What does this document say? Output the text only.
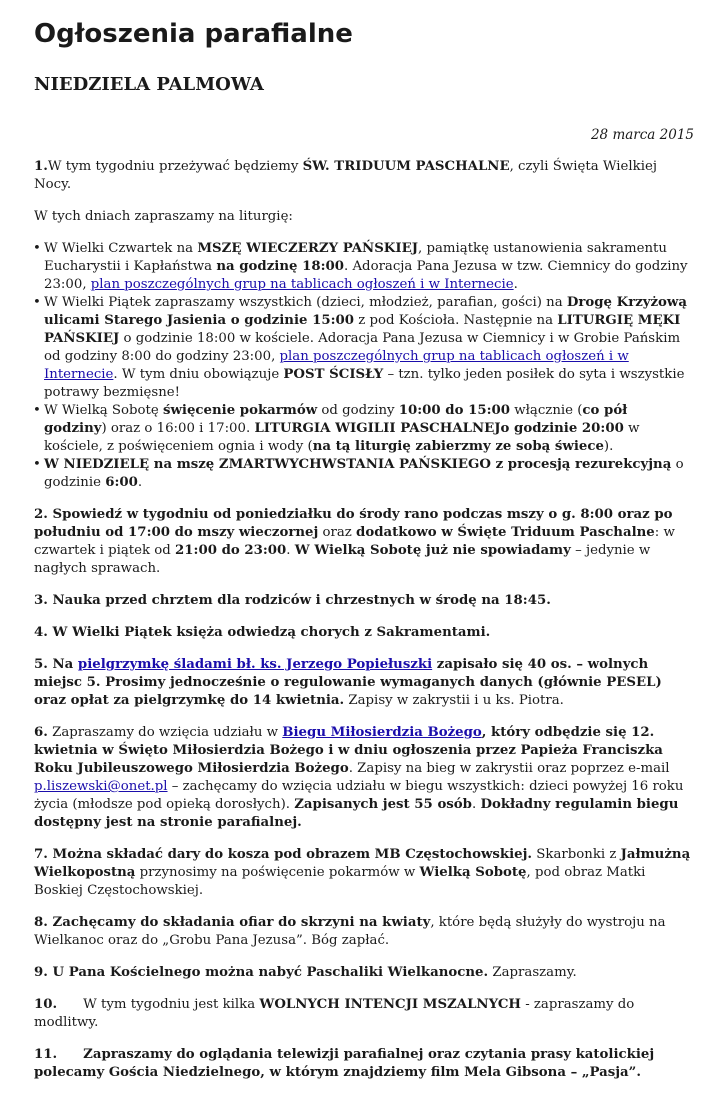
Ogłoszenia parafialne
NIEDZIELA PALMOWA
28 marca 2015

1.W tym tygodniu przeżywać będziemy ŚW. TRIDUUM PASCHALNE, czyli Święta Wielkiej Nocy.

W tych dniach zapraszamy na liturgię:

• W Wielki Czwartek na MSZĘ WIECZERZY PAŃSKIEJ, pamiątkę ustanowienia sakramentu Eucharystii i Kapłaństwa na godzinę 18:00. Adoracja Pana Jezusa w tzw. Ciemnicy do godziny 23:00, plan poszczególnych grup na tablicach ogłoszeń i w Internecie.
• W Wielki Piątek zapraszamy wszystkich (dzieci, młodzież, parafian, gości) na Drogę Krzyżową ulicami Starego Jasienia o godzinie 15:00 z pod Kościoła. Następnie na LITURGIĘ MĘKI PAŃSKIEJ o godzinie 18:00 w kościele. Adoracja Pana Jezusa w Ciemnicy i w Grobie Pańskim od godziny 8:00 do godziny 23:00, plan poszczególnych grup na tablicach ogłoszeń i w Internecie. W tym dniu obowiązuje POST ŚCISŁY – tzn. tylko jeden posiłek do syta i wszystkie potrawy bezmięsne!
• W Wielką Sobotę święcenie pokarmów od godziny 10:00 do 15:00 włącznie (co pół godziny) oraz o 16:00 i 17:00. LITURGIA WIGILII PASCHALNEJo godzinie 20:00 w kościele, z poświęceniem ognia i wody (na tą liturgię zabierzmy ze sobą świece).
• W NIEDZIELĘ na mszę ZMARTWYCHWSTANIA PAŃSKIEGO z procesją rezurekcyjną o godzinie 6:00.

2. Spowiedź w tygodniu od poniedziałku do środy rano podczas mszy o g. 8:00 oraz po południu od 17:00 do mszy wieczornej oraz dodatkowo w Święte Triduum Paschalne: w czwartek i piątek od 21:00 do 23:00. W Wielką Sobotę już nie spowiadamy – jedynie w nagłych sprawach.

3. Nauka przed chrztem dla rodziców i chrzestnych w środę na 18:45.

4. W Wielki Piątek księża odwiedzą chorych z Sakramentami.

5. Na pielgrzymkę śladami bł. ks. Jerzego Popiełuszki zapisało się 40 os. – wolnych miejsc 5. Prosimy jednocześnie o regulowanie wymaganych danych (głównie PESEL) oraz opłat za pielgrzymkę do 14 kwietnia. Zapisy w zakrystii i u ks. Piotra.

6. Zapraszamy do wzięcia udziału w Biegu Miłosierdzia Bożego, który odbędzie się 12. kwietnia w Święto Miłosierdzia Bożego i w dniu ogłoszenia przez Papieża Franciszka Roku Jubileuszowego Miłosierdzia Bożego. Zapisy na bieg w zakrystii oraz poprzez e-mail p.liszewski@onet.pl – zachęcamy do wzięcia udziału w biegu wszystkich: dzieci powyżej 16 roku życia (młodsze pod opieką dorosłych). Zapisanych jest 55 osób. Dokładny regulamin biegu dostępny jest na stronie parafialnej.

7. Można składać dary do kosza pod obrazem MB Częstochowskiej. Skarbonki z Jałmużną Wielkopostną przynosimy na poświęcenie pokarmów w Wielką Sobotę, pod obraz Matki Boskiej Częstochowskiej.

8. Zachęcamy do składania ofiar do skrzyni na kwiaty, które będą służyły do wystroju na Wielkanoc oraz do „Grobu Pana Jezusa”. Bóg zapłać.

9. U Pana Kościelnego można nabyć Paschaliki Wielkanocne. Zapraszamy.

10. W tym tygodniu jest kilka WOLNYCH INTENCJI MSZALNYCH - zapraszamy do modlitwy.

11. Zapraszamy do oglądania telewizji parafialnej oraz czytania prasy katolickiej polecamy Gościa Niedzielnego, w którym znajdziemy film Mela Gibsona – „Pasja”.
